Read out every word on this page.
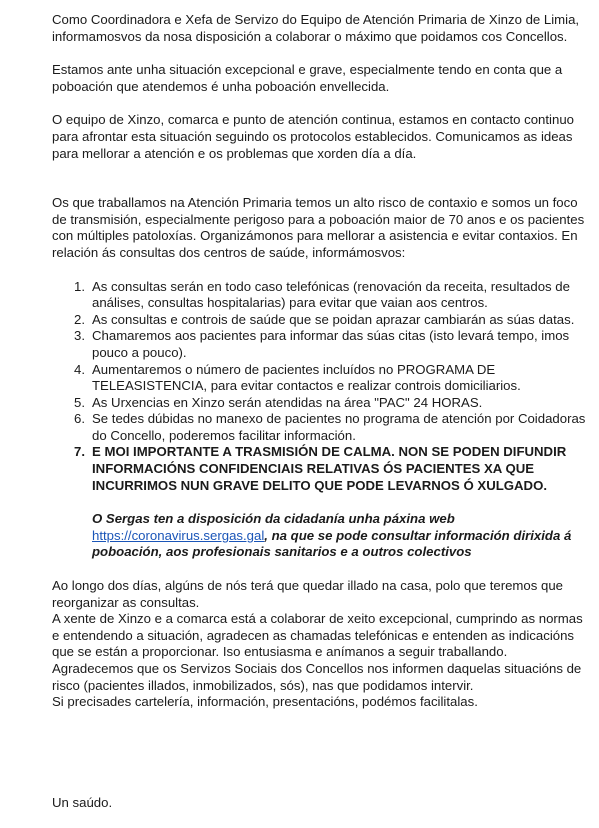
Como Coordinadora e Xefa de Servizo do Equipo de Atención Primaria de Xinzo de Limia, informamosvos da nosa disposición a colaborar o máximo que poidamos cos Concellos.

Estamos ante unha situación excepcional e grave, especialmente tendo en conta que a poboación que atendemos é unha poboación envellecida.

O equipo de Xinzo, comarca e punto de atención continua, estamos en contacto continuo para afrontar esta situación seguindo os protocolos establecidos. Comunicamos as ideas para mellorar a atención e os problemas que xorden día a día.

Os que traballamos na Atención Primaria temos un alto risco de contaxio e somos un foco de transmisión, especialmente perigoso para a poboación maior de 70 anos e os pacientes con múltiples patoloxías. Organizámonos para mellorar a asistencia e evitar contaxios. En relación ás consultas dos centros de saúde, informámosvos:

1. As consultas serán en todo caso telefónicas (renovación da receita, resultados de análises, consultas hospitalarias) para evitar que vaian aos centros.
2. As consultas e controis de saúde que se poidan aprazar cambiarán as súas datas.
3. Chamaremos aos pacientes para informar das súas citas (isto levará tempo, imos pouco a pouco).
4. Aumentaremos o número de pacientes incluídos no PROGRAMA DE TELEASISTENCIA, para evitar contactos e realizar controis domiciliarios.
5. As Urxencias en Xinzo serán atendidas na área "PAC" 24 HORAS.
6. Se tedes dúbidas no manexo de pacientes no programa de atención por Coidadoras do Concello, poderemos facilitar información.
7. E MOI IMPORTANTE A TRASMISIÓN DE CALMA. NON SE PODEN DIFUNDIR INFORMACIÓNS CONFIDENCIAIS RELATIVAS ÓS PACIENTES XA QUE INCURRIMOS NUN GRAVE DELITO QUE PODE LEVARNOS Ó XULGADO.

O Sergas ten a disposición da cidadanía unha páxina web https://coronavirus.sergas.gal, na que se pode consultar información dirixida á poboación, aos profesionais sanitarios e a outros colectivos

Ao longo dos días, algúns de nós terá que quedar illado na casa, polo que teremos que reorganizar as consultas.

A xente de Xinzo e a comarca está a colaborar de xeito excepcional, cumprindo as normas e entendendo a situación, agradecen as chamadas telefónicas e entenden as indicacións que se están a proporcionar. Iso entusiasma e anímanos a seguir traballando. Agradecemos que os Servizos Sociais dos Concellos nos informen daquelas situacións de risco (pacientes illados, inmobilizados, sós), nas que podidamos intervir.

Si precisades cartelería, información, presentacións, podémos facilitalas.

Un saúdo.
